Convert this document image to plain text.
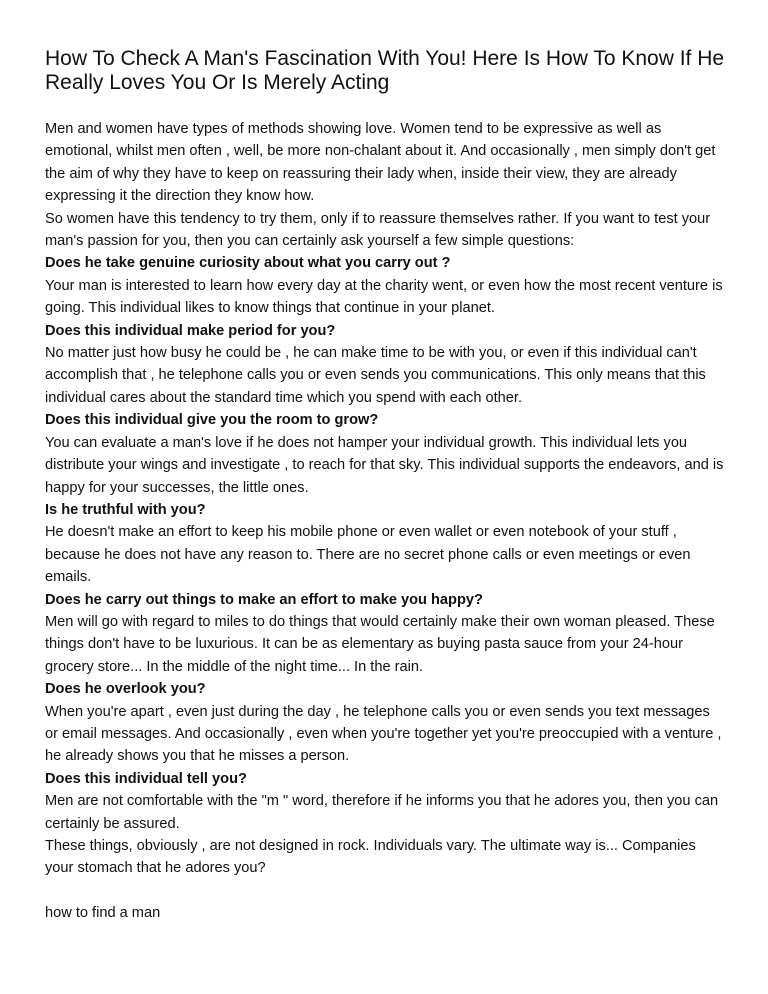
How To Check A Man's Fascination With You! Here Is How To Know If He Really Loves You Or Is Merely Acting

Men and women have types of methods showing love. Women tend to be expressive as well as emotional, whilst men often , well, be more non-chalant about it. And occasionally , men simply don't get the aim of why they have to keep on reassuring their lady when, inside their view, they are already expressing it the direction they know how.

So women have this tendency to try them, only if to reassure themselves rather. If you want to test your man's passion for you, then you can certainly ask yourself a few simple questions:

Does he take genuine curiosity about what you carry out ?

Your man is interested to learn how every day at the charity went, or even how the most recent venture is going. This individual likes to know things that continue in your planet.

Does this individual make period for you?

No matter just how busy he could be , he can make time to be with you, or even if this individual can't accomplish that , he telephone calls you or even sends you communications. This only means that this individual cares about the standard time which you spend with each other.

Does this individual give you the room to grow?

You can evaluate a man's love if he does not hamper your individual growth. This individual lets you distribute your wings and investigate , to reach for that sky. This individual supports the endeavors, and is happy for your successes, the little ones.

Is he truthful with you?

He doesn't make an effort to keep his mobile phone or even wallet or even notebook of your stuff , because he does not have any reason to. There are no secret phone calls or even meetings or even emails.

Does he carry out things to make an effort to make you happy?

Men will go with regard to miles to do things that would certainly make their own woman pleased. These things don't have to be luxurious. It can be as elementary as buying pasta sauce from your 24-hour grocery store... In the middle of the night time... In the rain.

Does he overlook you?

When you're apart , even just during the day , he telephone calls you or even sends you text messages or email messages. And occasionally , even when you're together yet you're preoccupied with a venture , he already shows you that he misses a person.

Does this individual tell you?

Men are not comfortable with the "m " word, therefore if he informs you that he adores you, then you can certainly be assured.

These things, obviously , are not designed in rock. Individuals vary. The ultimate way is... Companies your stomach that he adores you?

how to find a man
